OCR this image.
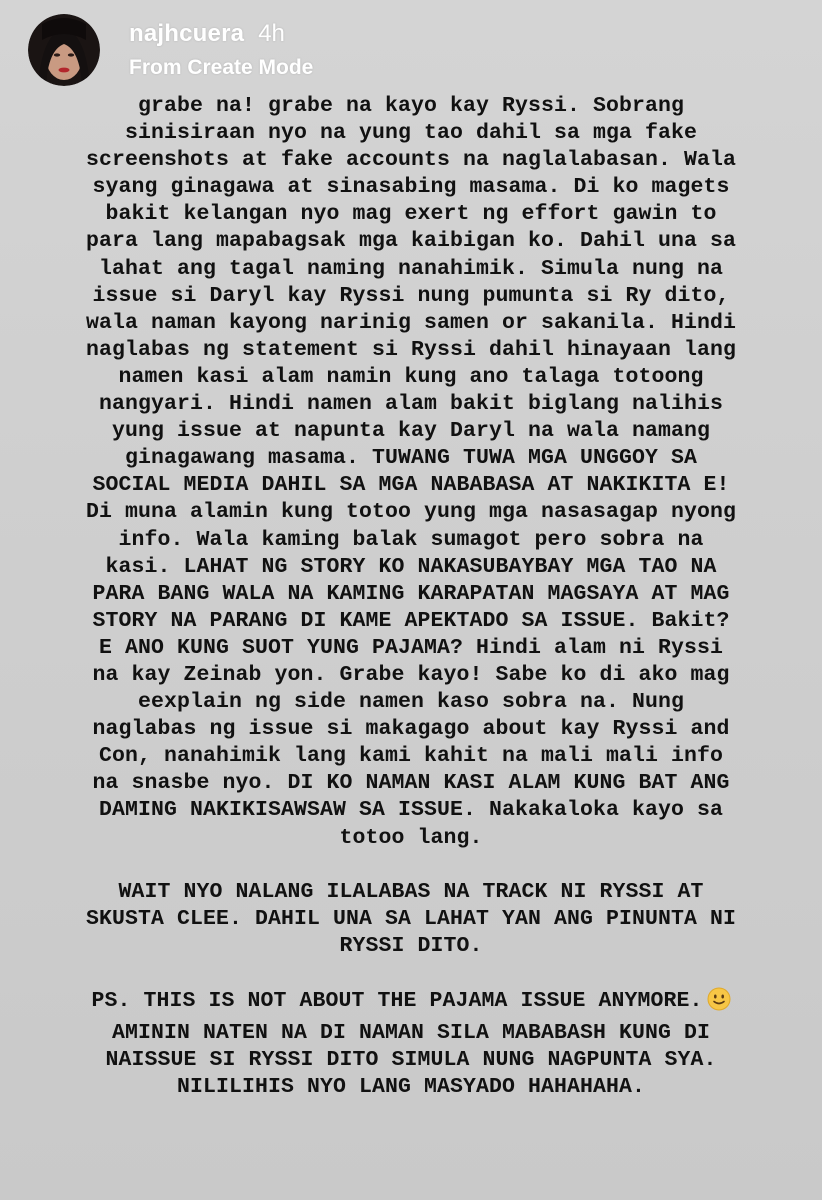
najhcuera 4h
From Create Mode
grabe na! grabe na kayo kay Ryssi. Sobrang
sinisiraan nyo na yung tao dahil sa mga fake
screenshots at fake accounts na naglalabasan. Wala
syang ginagawa at sinasabing masama. Di ko magets
bakit kelangan nyo mag exert ng effort gawin to
para lang mapabagsak mga kaibigan ko. Dahil una sa
lahat ang tagal naming nanahimik. Simula nung na
issue si Daryl kay Ryssi nung pumunta si Ry dito,
wala naman kayong narinig samen or sakanila. Hindi
naglabas ng statement si Ryssi dahil hinayaan lang
namen kasi alam namin kung ano talaga totoong
nangyari. Hindi namen alam bakit biglang nalihis
yung issue at napunta kay Daryl na wala namang
ginagawang masama. TUWANG TUWA MGA UNGGOY SA
SOCIAL MEDIA DAHIL SA MGA NABABASA AT NAKIKITA E!
Di muna alamin kung totoo yung mga nasasagap nyong
info. Wala kaming balak sumagot pero sobra na
kasi. LAHAT NG STORY KO NAKASUBAYBAY MGA TAO NA
PARA BANG WALA NA KAMING KARAPATAN MAGSAYA AT MAG
STORY NA PARANG DI KAME APEKTADO SA ISSUE. Bakit?
E ANO KUNG SUOT YUNG PAJAMA? Hindi alam ni Ryssi
na kay Zeinab yon. Grabe kayo! Sabe ko di ako mag
eexplain ng side namen kaso sobra na. Nung
naglabas ng issue si makagago about kay Ryssi and
Con, nanahimik lang kami kahit na mali mali info
na snasbe nyo. DI KO NAMAN KASI ALAM KUNG BAT ANG
DAMING NAKIKISAWSAW SA ISSUE. Nakakaloka kayo sa
totoo lang.
WAIT NYO NALANG ILALABAS NA TRACK NI RYSSI AT
SKUSTA CLEE. DAHIL UNA SA LAHAT YAN ANG PINUNTA NI
RYSSI DITO.
PS. THIS IS NOT ABOUT THE PAJAMA ISSUE ANYMORE.
AMININ NATEN NA DI NAMAN SILA MABABASH KUNG DI
NAISSUE SI RYSSI DITO SIMULA NUNG NAGPUNTA SYA.
NILILIHIS NYO LANG MASYADO HAHAHAHA.
